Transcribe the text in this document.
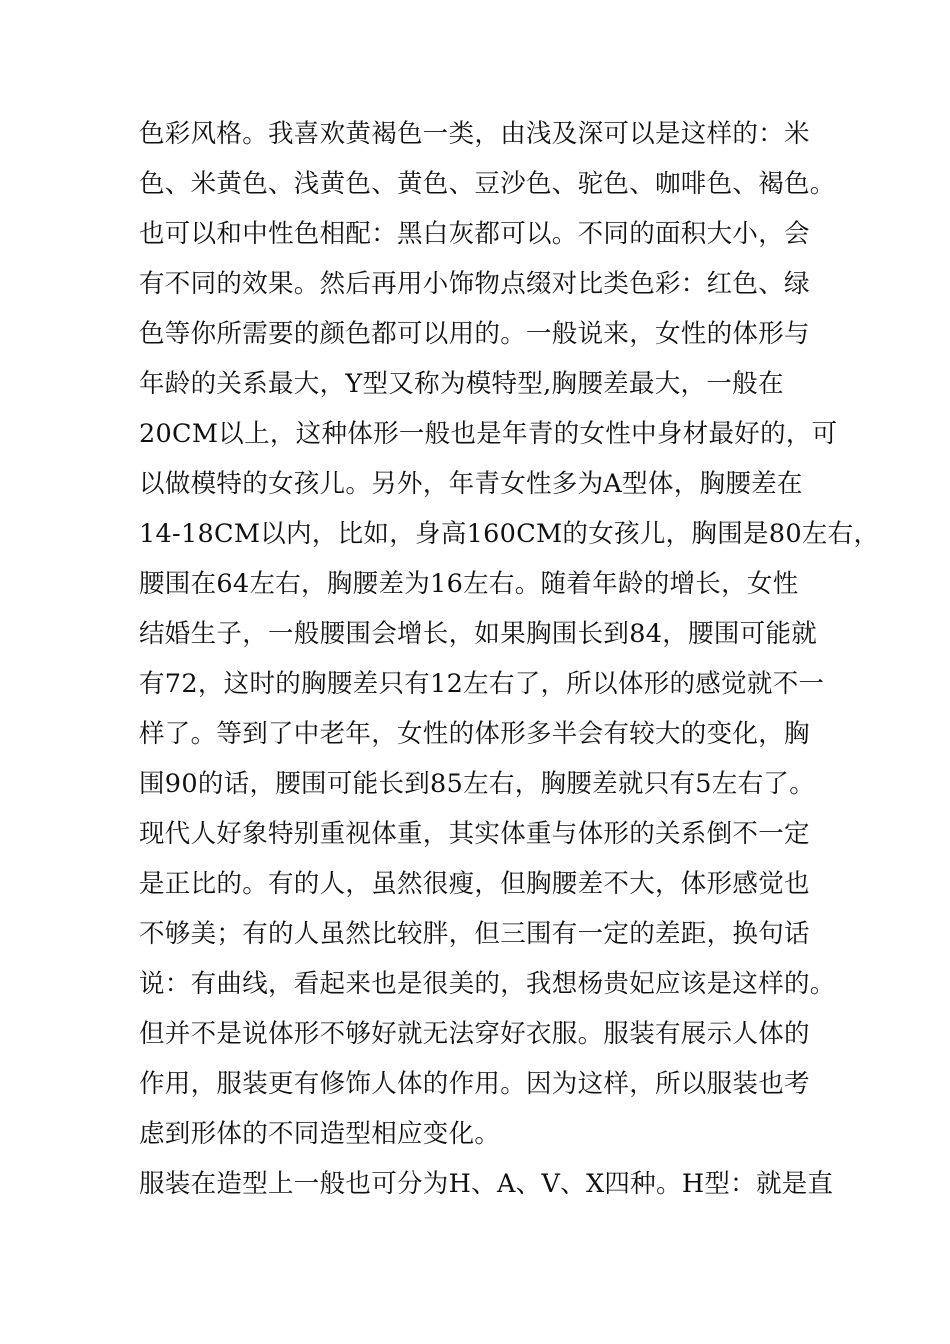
色彩风格。我喜欢黄褐色一类，由浅及深可以是这样的：米
色、米黄色、浅黄色、黄色、豆沙色、驼色、咖啡色、褐色。
也可以和中性色相配：黑白灰都可以。不同的面积大小，会
有不同的效果。然后再用小饰物点缀对比类色彩：红色、绿
色等你所需要的颜色都可以用的。一般说来，女性的体形与
年龄的关系最大，Y型又称为模特型,胸腰差最大，一般在
20CM以上，这种体形一般也是年青的女性中身材最好的，可
以做模特的女孩儿。另外，年青女性多为A型体，胸腰差在
14-18CM以内，比如，身高160CM的女孩儿，胸围是80左右，
腰围在64左右，胸腰差为16左右。随着年龄的增长，女性
结婚生子，一般腰围会增长，如果胸围长到84，腰围可能就
有72，这时的胸腰差只有12左右了，所以体形的感觉就不一
样了。等到了中老年，女性的体形多半会有较大的变化，胸
围90的话，腰围可能长到85左右，胸腰差就只有5左右了。
现代人好象特别重视体重，其实体重与体形的关系倒不一定
是正比的。有的人，虽然很瘦，但胸腰差不大，体形感觉也
不够美；有的人虽然比较胖，但三围有一定的差距，换句话
说：有曲线，看起来也是很美的，我想杨贵妃应该是这样的。
但并不是说体形不够好就无法穿好衣服。服装有展示人体的
作用，服装更有修饰人体的作用。因为这样，所以服装也考
虑到形体的不同造型相应变化。
服装在造型上一般也可分为H、A、V、X四种。H型：就是直
